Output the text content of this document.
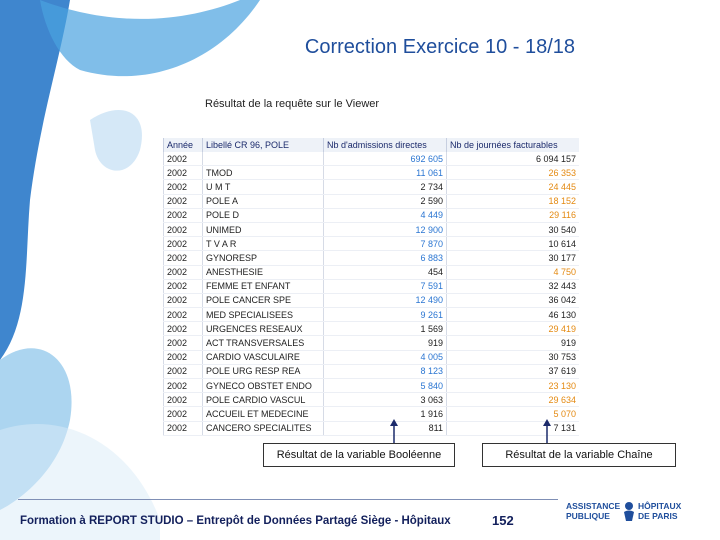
Correction Exercice 10 - 18/18
Résultat de la requête sur le Viewer
Année	Libellé CR 96, POLE	Nb d'admissions directes	Nb de journées facturables
2002		692 605	6 094 157
2002	TMOD	11 061	26 353
2002	U M T	2 734	24 445
2002	POLE A	2 590	18 152
2002	POLE D	4 449	29 116
2002	UNIMED	12 900	30 540
2002	T V A R	7 870	10 614
2002	GYNORESP	6 883	30 177
2002	ANESTHESIE	454	4 750
2002	FEMME ET ENFANT	7 591	32 443
2002	POLE CANCER SPE	12 490	36 042
2002	MED SPECIALISEES	9 261	46 130
2002	URGENCES RESEAUX	1 569	29 419
2002	ACT TRANSVERSALES	919	919
2002	CARDIO VASCULAIRE	4 005	30 753
2002	POLE URG RESP REA	8 123	37 619
2002	GYNECO OBSTET ENDO	5 840	23 130
2002	POLE CARDIO VASCUL	3 063	29 634
2002	ACCUEIL ET MEDECINE	1 916	5 070
2002	CANCERO SPECIALITES	811	7 131
Résultat de la variable Booléenne	Résultat de la variable Chaîne
Formation à REPORT STUDIO – Entrepôt de Données Partagé Siège - Hôpitaux	152
ASSISTANCE
PUBLIQUE
HÔPITAUX
DE PARIS
